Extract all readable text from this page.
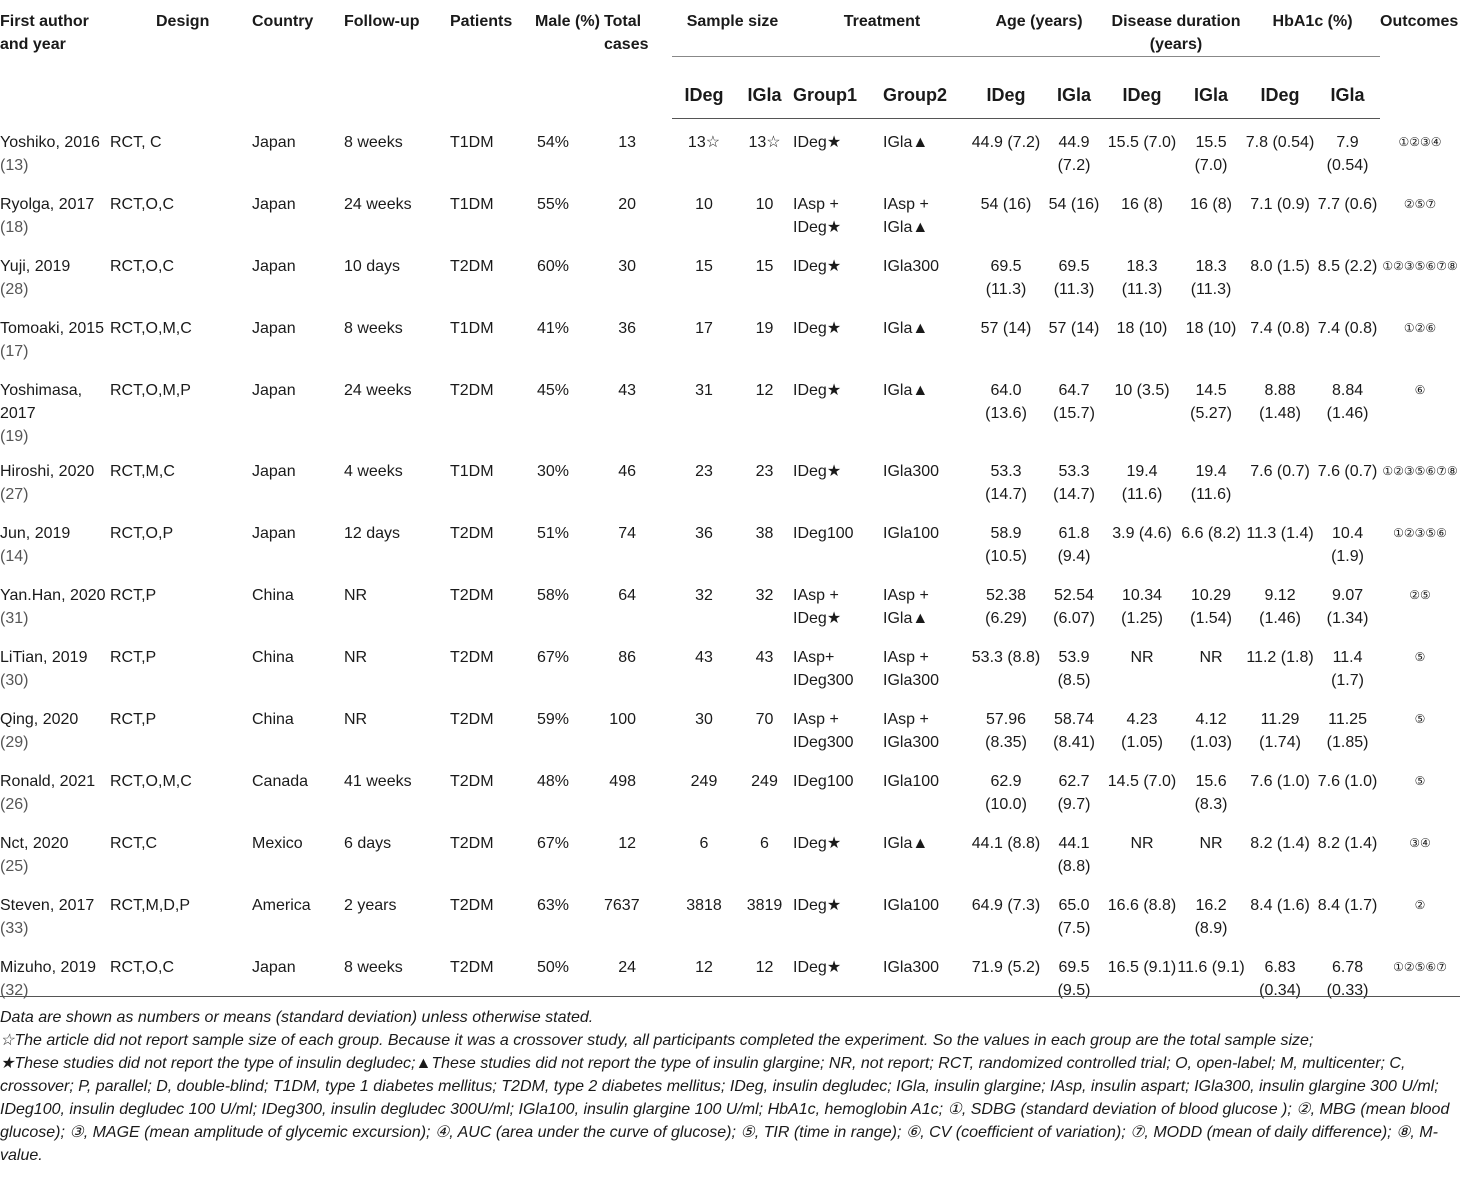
First author and year	Design	Country	Follow-up	Patients	Male (%)	Total cases	Sample size		Treatment		Age (years)		Disease duration (years)		HbA1c (%)		Outcomes
							IDeg	IGla	Group1	Group2	IDeg	IGla	IDeg	IGla	IDeg	IGla	
Yoshiko, 2016
(13)	RCT, C	Japan	8 weeks	T1DM	54%	13	13☆	13☆	IDeg★	IGla▲	44.9 (7.2)	44.9 (7.2)	15.5 (7.0)	15.5 (7.0)	7.8 (0.54)	7.9 (0.54)	①②③④
Ryolga, 2017
(18)	RCT,O,C	Japan	24 weeks	T1DM	55%	20	10	10	IAsp + IDeg★	IAsp + IGla▲	54 (16)	54 (16)	16 (8)	16 (8)	7.1 (0.9)	7.7 (0.6)	②⑤⑦
Yuji, 2019
(28)	RCT,O,C	Japan	10 days	T2DM	60%	30	15	15	IDeg★	IGla300	69.5 (11.3)	69.5 (11.3)	18.3 (11.3)	18.3 (11.3)	8.0 (1.5)	8.5 (2.2)	①②③⑤⑥⑦⑧
Tomoaki, 2015
(17)	RCT,O,M,C	Japan	8 weeks	T1DM	41%	36	17	19	IDeg★	IGla▲	57 (14)	57 (14)	18 (10)	18 (10)	7.4 (0.8)	7.4 (0.8)	①②⑥
Yoshimasa, 2017
(19)	RCT,O,M,P	Japan	24 weeks	T2DM	45%	43	31	12	IDeg★	IGla▲	64.0 (13.6)	64.7 (15.7)	10 (3.5)	14.5 (5.27)	8.88 (1.48)	8.84 (1.46)	⑥
Hiroshi, 2020
(27)	RCT,M,C	Japan	4 weeks	T1DM	30%	46	23	23	IDeg★	IGla300	53.3 (14.7)	53.3 (14.7)	19.4 (11.6)	19.4 (11.6)	7.6 (0.7)	7.6 (0.7)	①②③⑤⑥⑦⑧
Jun, 2019
(14)	RCT,O,P	Japan	12 days	T2DM	51%	74	36	38	IDeg100	IGla100	58.9 (10.5)	61.8 (9.4)	3.9 (4.6)	6.6 (8.2)	11.3 (1.4)	10.4 (1.9)	①②③⑤⑥
Yan.Han, 2020
(31)	RCT,P	China	NR	T2DM	58%	64	32	32	IAsp + IDeg★	IAsp + IGla▲	52.38 (6.29)	52.54 (6.07)	10.34 (1.25)	10.29 (1.54)	9.12 (1.46)	9.07 (1.34)	②⑤
LiTian, 2019
(30)	RCT,P	China	NR	T2DM	67%	86	43	43	IAsp+ IDeg300	IAsp + IGla300	53.3 (8.8)	53.9 (8.5)	NR	NR	11.2 (1.8)	11.4 (1.7)	⑤
Qing, 2020
(29)	RCT,P	China	NR	T2DM	59%	100	30	70	IAsp + IDeg300	IAsp + IGla300	57.96 (8.35)	58.74 (8.41)	4.23 (1.05)	4.12 (1.03)	11.29 (1.74)	11.25 (1.85)	⑤
Ronald, 2021
(26)	RCT,O,M,C	Canada	41 weeks	T2DM	48%	498	249	249	IDeg100	IGla100	62.9 (10.0)	62.7 (9.7)	14.5 (7.0)	15.6 (8.3)	7.6 (1.0)	7.6 (1.0)	⑤
Nct, 2020
(25)	RCT,C	Mexico	6 days	T2DM	67%	12	6	6	IDeg★	IGla▲	44.1 (8.8)	44.1 (8.8)	NR	NR	8.2 (1.4)	8.2 (1.4)	③④
Steven, 2017
(33)	RCT,M,D,P	America	2 years	T2DM	63%	7637	3818	3819	IDeg★	IGla100	64.9 (7.3)	65.0 (7.5)	16.6 (8.8)	16.2 (8.9)	8.4 (1.6)	8.4 (1.7)	②
Mizuho, 2019
(32)	RCT,O,C	Japan	8 weeks	T2DM	50%	24	12	12	IDeg★	IGla300	71.9 (5.2)	69.5 (9.5)	16.5 (9.1)	11.6 (9.1)	6.83 (0.34)	6.78 (0.33)	①②⑤⑥⑦

Data are shown as numbers or means (standard deviation) unless otherwise stated.

☆The article did not report sample size of each group. Because it was a crossover study, all participants completed the experiment. So the values in each group are the total sample size;

★These studies did not report the type of insulin degludec;▲These studies did not report the type of insulin glargine; NR, not report; RCT, randomized controlled trial; O, open-label; M, multicenter; C, crossover; P, parallel; D, double-blind; T1DM, type 1 diabetes mellitus; T2DM, type 2 diabetes mellitus; IDeg, insulin degludec; IGla, insulin glargine; IAsp, insulin aspart; IGla300, insulin glargine 300 U/ml; IDeg100, insulin degludec 100 U/ml; IDeg300, insulin degludec 300U/ml; IGla100, insulin glargine 100 U/ml; HbA1c, hemoglobin A1c; ①, SDBG (standard deviation of blood glucose ); ②, MBG (mean blood glucose); ③, MAGE (mean amplitude of glycemic excursion); ④, AUC (area under the curve of glucose); ⑤, TIR (time in range); ⑥, CV (coefficient of variation); ⑦, MODD (mean of daily difference); ⑧, M-value.
